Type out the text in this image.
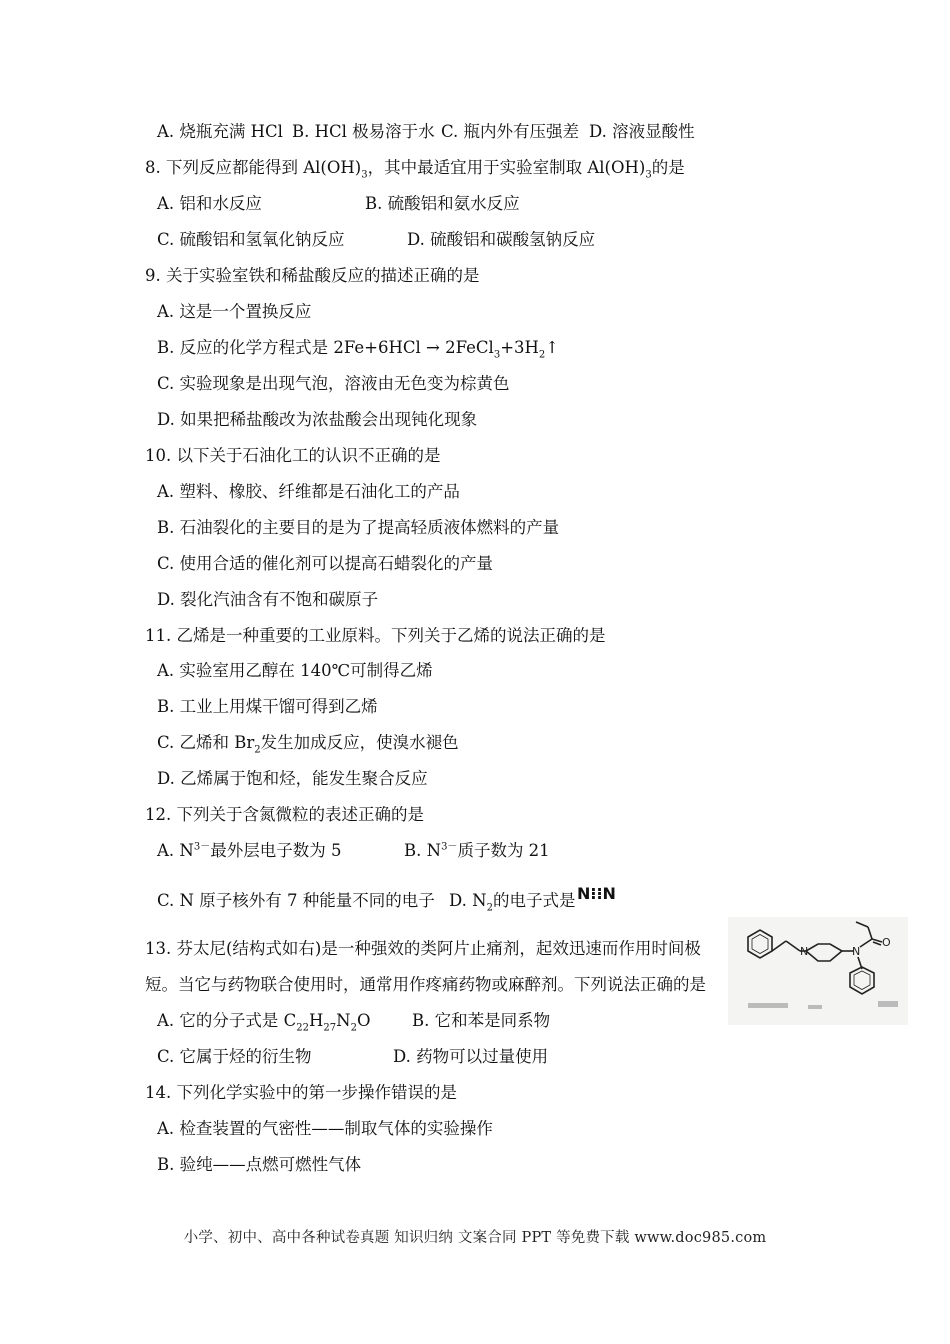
A. 烧瓶充满 HCl B. HCl 极易溶于水 C. 瓶内外有压强差 D. 溶液显酸性
8. 下列反应都能得到 $Al(OH)_3$，其中最适宜用于实验室制取 $Al(OH)_3$的是
A. 铝和水反应	B. 硫酸铝和氨水反应
C. 硫酸铝和氢氧化钠反应	D. 硫酸铝和碳酸氢钠反应
9. 关于实验室铁和稀盐酸反应的描述正确的是
A. 这是一个置换反应
B. 反应的化学方程式是 $2Fe+6HCl \to 2FeCl_3+3H_2↑$
C. 实验现象是出现气泡，溶液由无色变为棕黄色
D. 如果把稀盐酸改为浓盐酸会出现钝化现象
10. 以下关于石油化工的认识不正确的是
A. 塑料、橡胶、纤维都是石油化工的产品
B. 石油裂化的主要目的是为了提高轻质液体燃料的产量
C. 使用合适的催化剂可以提高石蜡裂化的产量
D. 裂化汽油含有不饱和碳原子
11. 乙烯是一种重要的工业原料。下列关于乙烯的说法正确的是
A. 实验室用乙醇在 140℃可制得乙烯
B. 工业上用煤干馏可得到乙烯
C. 乙烯和 $Br_2$发生加成反应，使溴水褪色
D. 乙烯属于饱和烃，能发生聚合反应
12. 下列关于含氮微粒的表述正确的是
A. $N^{3-}$最外层电子数为 5	B. $N^{3-}$质子数为 21
C. N 原子核外有 7 种能量不同的电子 D. $N_2$的电子式是 N⁝⁝N
13. 芬太尼(结构式如右)是一种强效的类阿片止痛剂，起效迅速而作用时间极
短。当它与药物联合使用时，通常用作疼痛药物或麻醉剂。下列说法正确的是
A. 它的分子式是 $C_{22}H_{27}N_2O$	B. 它和苯是同系物
C. 它属于烃的衍生物	D. 药物可以过量使用
N	N
O
14. 下列化学实验中的第一步操作错误的是
A. 检查装置的气密性——制取气体的实验操作
B. 验纯——点燃可燃性气体
小学、初中、高中各种试卷真题 知识归纳 文案合同 PPT 等免费下载 www.doc985.com
